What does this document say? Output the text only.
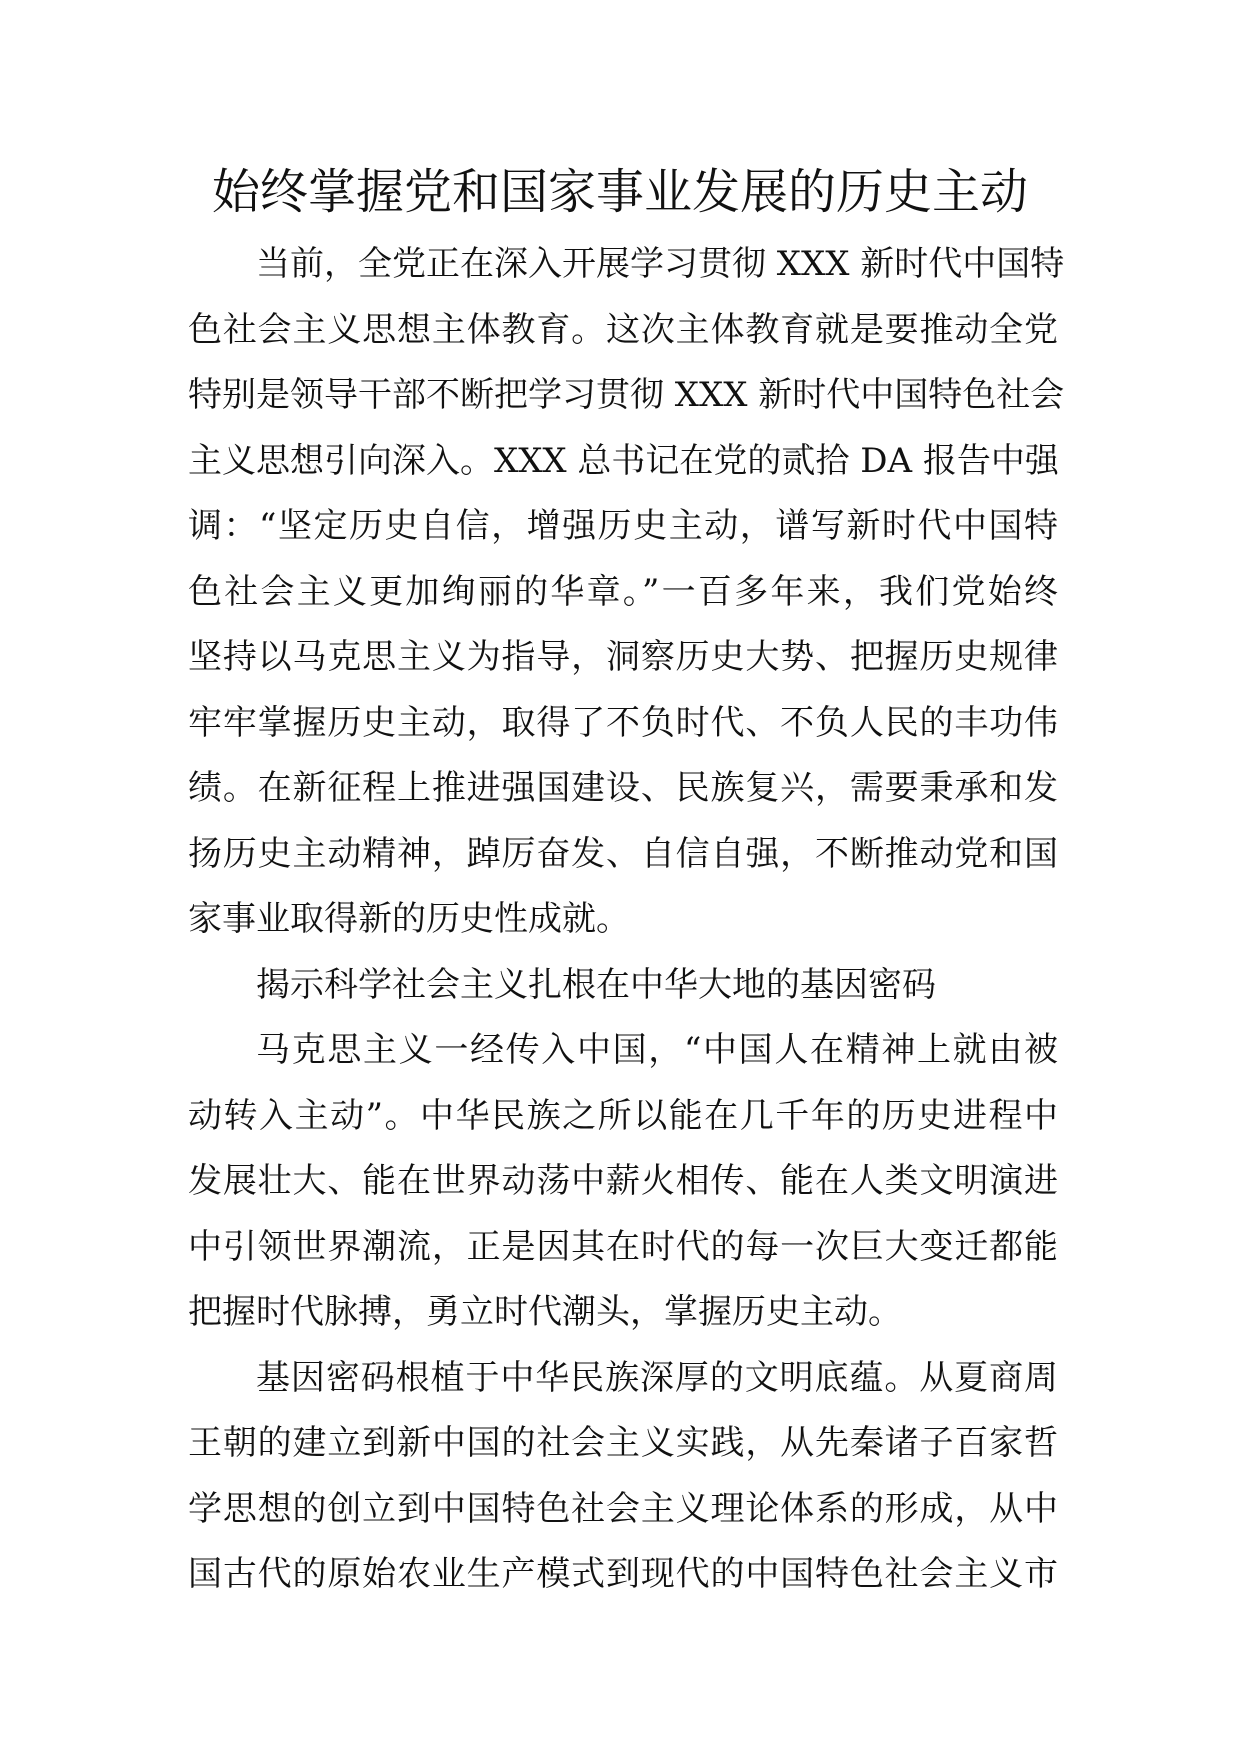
始终掌握党和国家事业发展的历史主动
当前，全党正在深入开展学习贯彻 XXX 新时代中国特
色社会主义思想主体教育。这次主体教育就是要推动全党
特别是领导干部不断把学习贯彻 XXX 新时代中国特色社会
主义思想引向深入。XXX 总书记在党的贰拾 DA 报告中强
调：“坚定历史自信，增强历史主动，谱写新时代中国特
色社会主义更加绚丽的华章。”一百多年来，我们党始终
坚持以马克思主义为指导，洞察历史大势、把握历史规律
牢牢掌握历史主动，取得了不负时代、不负人民的丰功伟
绩。在新征程上推进强国建设、民族复兴，需要秉承和发
扬历史主动精神，踔厉奋发、自信自强，不断推动党和国
家事业取得新的历史性成就。
揭示科学社会主义扎根在中华大地的基因密码
马克思主义一经传入中国，“中国人在精神上就由被
动转入主动”。中华民族之所以能在几千年的历史进程中
发展壮大、能在世界动荡中薪火相传、能在人类文明演进
中引领世界潮流，正是因其在时代的每一次巨大变迁都能
把握时代脉搏，勇立时代潮头，掌握历史主动。
基因密码根植于中华民族深厚的文明底蕴。从夏商周
王朝的建立到新中国的社会主义实践，从先秦诸子百家哲
学思想的创立到中国特色社会主义理论体系的形成，从中
国古代的原始农业生产模式到现代的中国特色社会主义市
